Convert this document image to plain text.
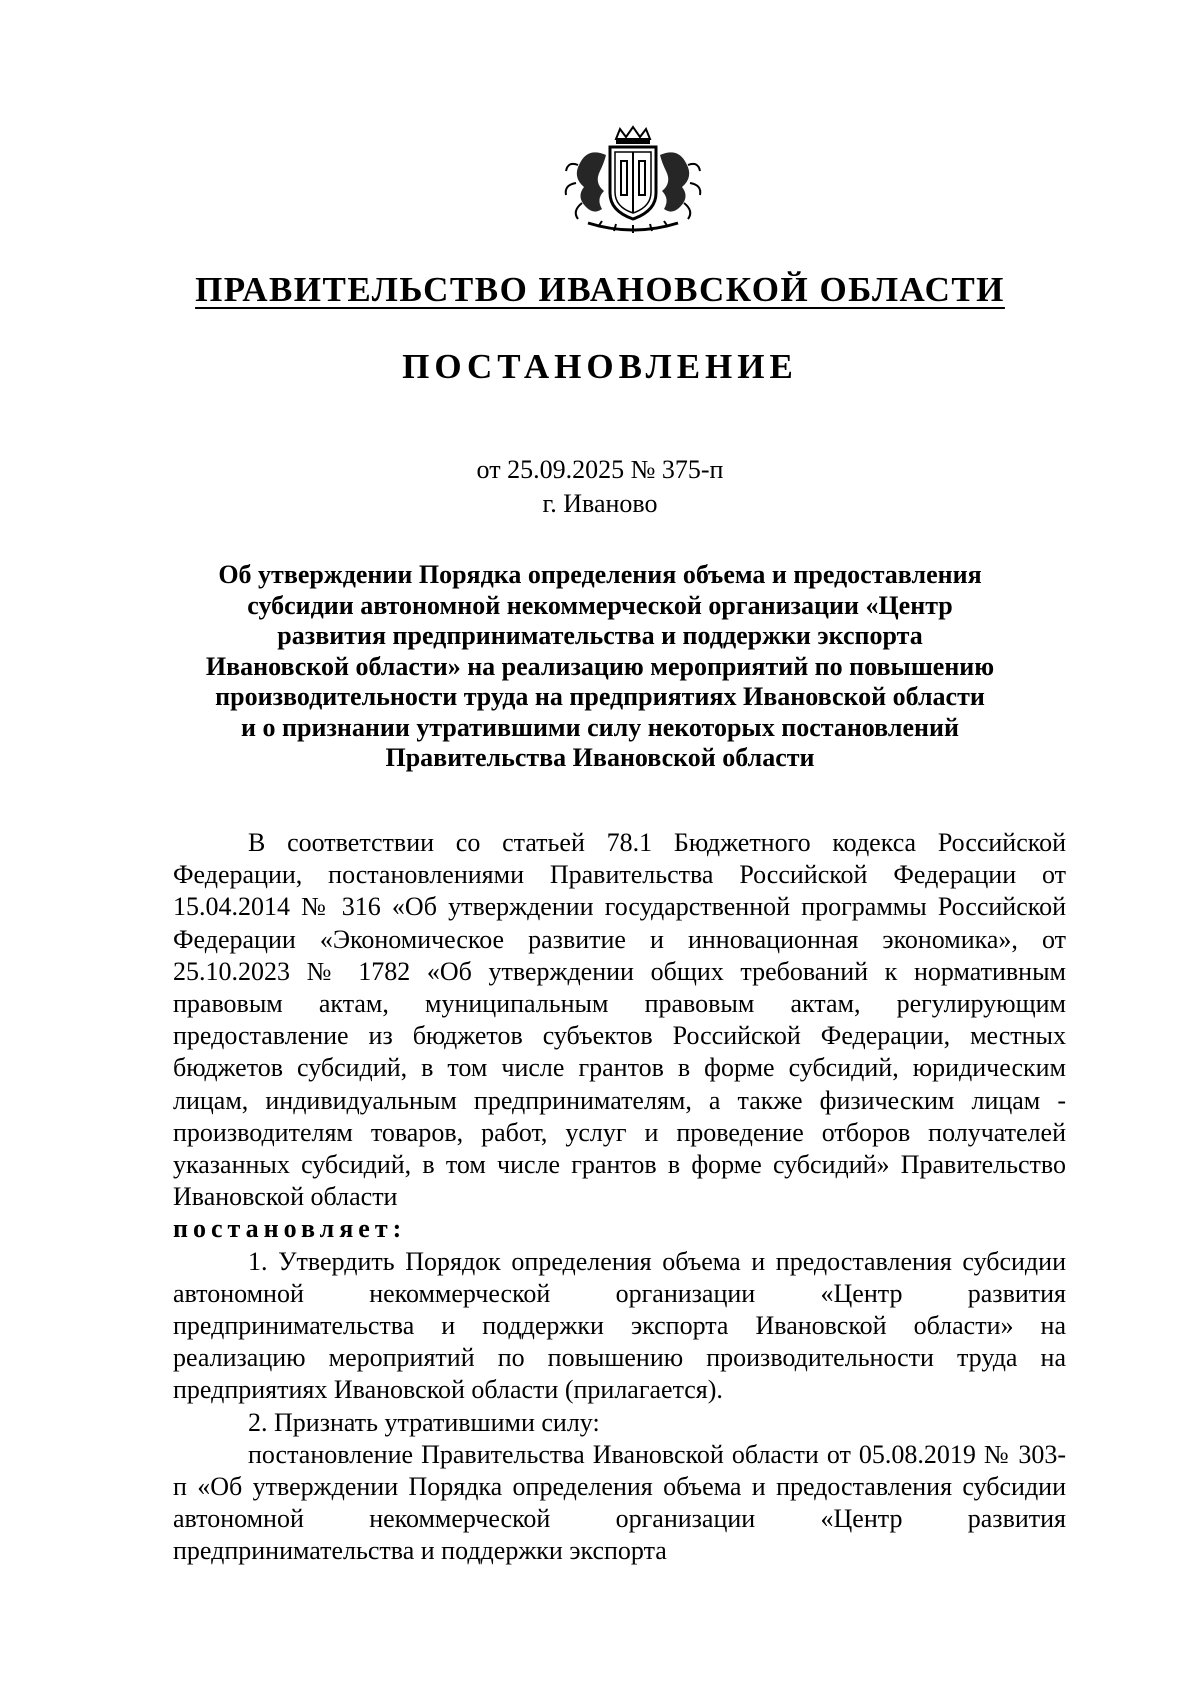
ПРАВИТЕЛЬСТВО ИВАНОВСКОЙ ОБЛАСТИ
ПОСТАНОВЛЕНИЕ
от 25.09.2025 № 375-п
г. Иваново
Об утверждении Порядка определения объема и предоставления
субсидии автономной некоммерческой организации «Центр
развития предпринимательства и поддержки экспорта
Ивановской области» на реализацию мероприятий по повышению
производительности труда на предприятиях Ивановской области
и о признании утратившими силу некоторых постановлений
Правительства Ивановской области

В соответствии со статьей 78.1 Бюджетного кодекса Российской Федерации, постановлениями Правительства Российской Федерации от 15.04.2014 № 316 «Об утверждении государственной программы Российской Федерации «Экономическое развитие и инновационная экономика», от 25.10.2023 № 1782 «Об утверждении общих требований к нормативным правовым актам, муниципальным правовым актам, регулирующим предоставление из бюджетов субъектов Российской Федерации, местных бюджетов субсидий, в том числе грантов в форме субсидий, юридическим лицам, индивидуальным предпринимателям, а также физическим лицам - производителям товаров, работ, услуг и проведение отборов получателей указанных субсидий, в том числе грантов в форме субсидий» Правительство Ивановской области

постановляет:

1. Утвердить Порядок определения объема и предоставления субсидии автономной некоммерческой организации «Центр развития предпринимательства и поддержки экспорта Ивановской области» на реализацию мероприятий по повышению производительности труда на предприятиях Ивановской области (прилагается).

2. Признать утратившими силу:

постановление Правительства Ивановской области от 05.08.2019 № 303-п «Об утверждении Порядка определения объема и предоставления субсидии автономной некоммерческой организации «Центр развития предпринимательства и поддержки экспорта
